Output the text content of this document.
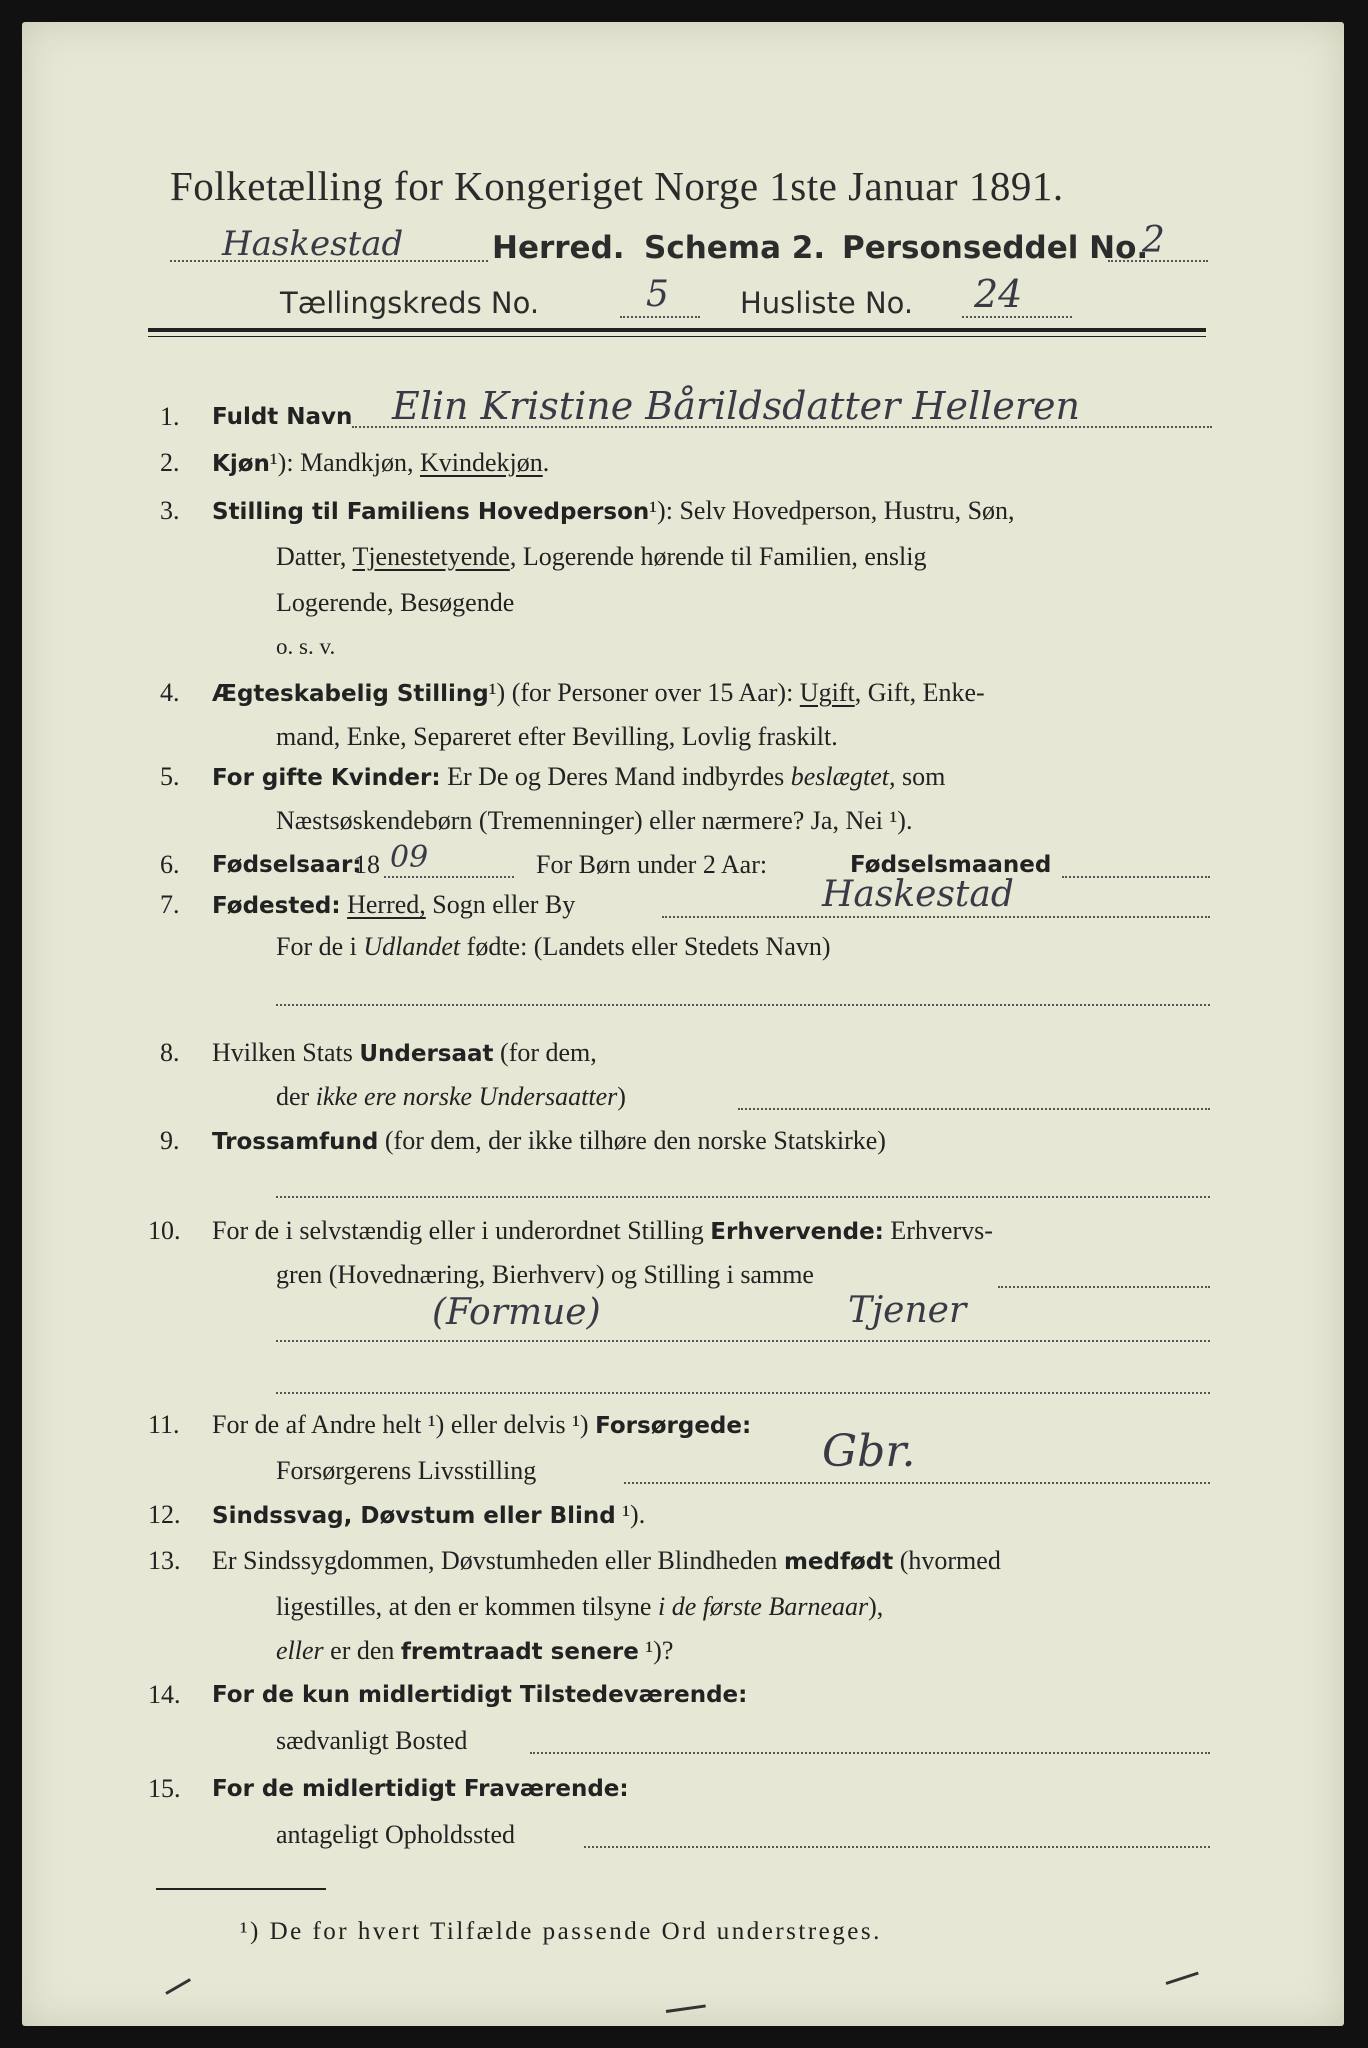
Folketælling for Kongeriget Norge 1ste Januar 1891.
Haskestad	Herred. Schema 2. Personseddel No.
2
Tællingskreds No.	5 Husliste No. 24
1. Fuldt Navn Elin Kristine Bårildsdatter Helleren
2. Kjøn¹): Mandkjøn, Kvindekjøn.
3. Stilling til Familiens Hovedperson¹): Selv Hovedperson, Hustru, Søn,
Datter, Tjenestetyende, Logerende hørende til Familien, enslig
Logerende, Besøgende
o. s. v.
4. Ægteskabelig Stilling¹) (for Personer over 15 Aar): Ugift, Gift, Enke-
mand, Enke, Separeret efter Bevilling, Lovlig fraskilt.
5. For gifte Kvinder: Er De og Deres Mand indbyrdes beslægtet, som
Næstsøskendebørn (Tremenninger) eller nærmere? Ja, Nei ¹).
6. Fødselsaar:
18 09	For Børn under 2 Aar:	Fødselsmaaned
7. Fødested: Herred, Sogn eller By	Haskestad
For de i Udlandet fødte: (Landets eller Stedets Navn)
8. Hvilken Stats Undersaat (for dem,
der ikke ere norske Undersaatter)
9. Trossamfund (for dem, der ikke tilhøre den norske Statskirke)
10. For de i selvstændig eller i underordnet Stilling Erhvervende: Erhvervs-
gren (Hovednæring, Bierhverv) og Stilling i samme
(Formue)	Tjener
11. For de af Andre helt ¹) eller delvis ¹) Forsørgede:
Forsørgerens Livsstilling	Gbr.
12. Sindssvag, Døvstum eller Blind ¹).
13. Er Sindssygdommen, Døvstumheden eller Blindheden medfødt (hvormed
ligestilles, at den er kommen tilsyne i de første Barneaar),
eller er den fremtraadt senere ¹)?
14. For de kun midlertidigt Tilstedeværende:
sædvanligt Bosted
15. For de midlertidigt Fraværende:
antageligt Opholdssted
¹) De for hvert Tilfælde passende Ord understreges.
